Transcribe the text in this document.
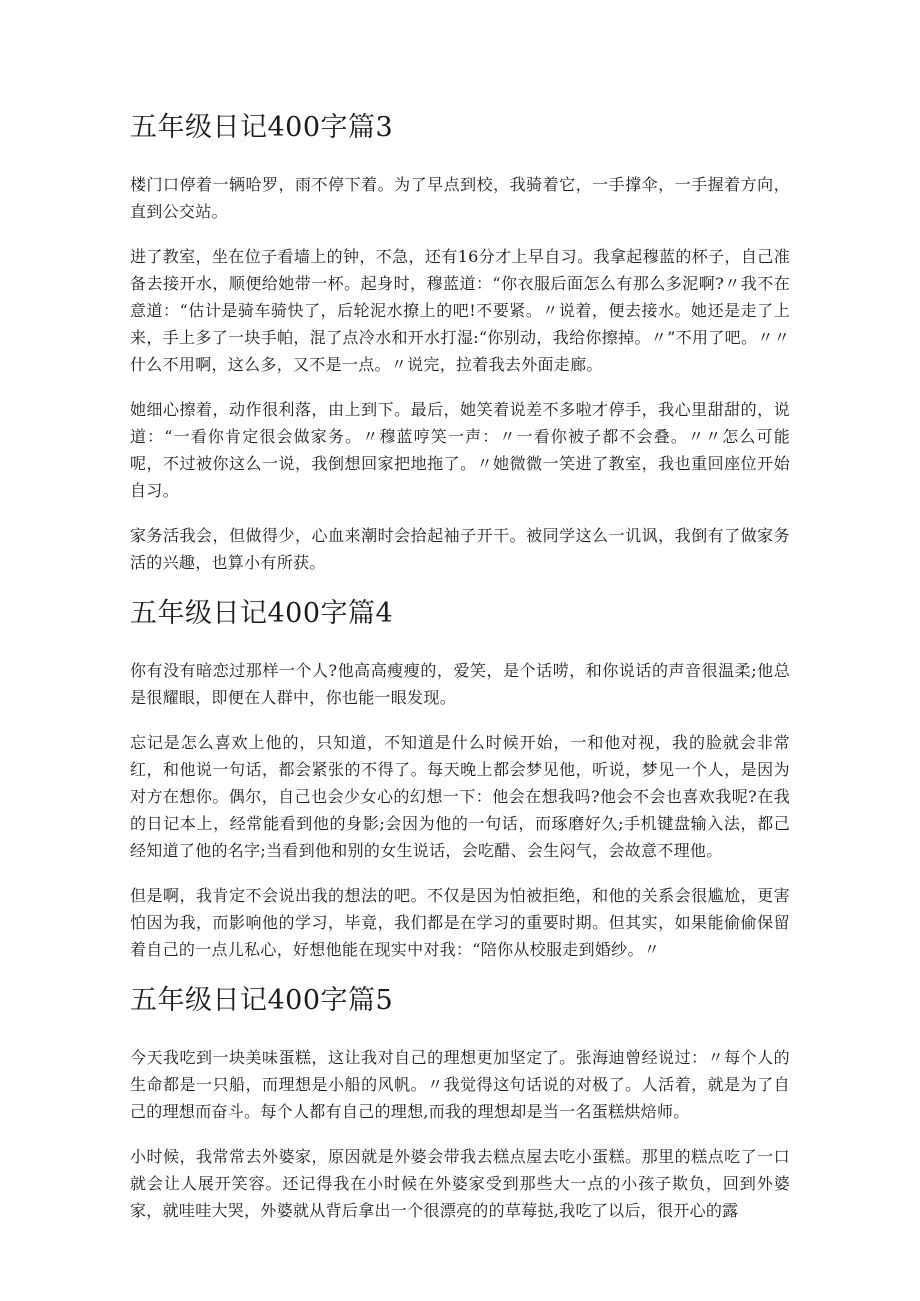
五年级日记400字篇3

楼门口停着一辆哈罗，雨不停下着。为了早点到校，我骑着它，一手撑伞，一手握着方向，直到公交站。

进了教室，坐在位子看墙上的钟，不急，还有16分才上早自习。我拿起穆蓝的杯子，自己准备去接开水，顺便给她带一杯。起身时，穆蓝道：“你衣服后面怎么有那么多泥啊?〃我不在意道：“估计是骑车骑快了，后轮泥水撩上的吧!不要紧。〃说着，便去接水。她还是走了上来，手上多了一块手帕，混了点冷水和开水打湿:“你别动，我给你擦掉。〃”不用了吧。〃〃什么不用啊，这么多，又不是一点。〃说完，拉着我去外面走廊。

她细心擦着，动作很利落，由上到下。最后，她笑着说差不多啦才停手，我心里甜甜的，说道：“一看你肯定很会做家务。〃穆蓝哼笑一声：〃一看你被子都不会叠。〃〃怎么可能呢，不过被你这么一说，我倒想回家把地拖了。〃她微微一笑进了教室，我也重回座位开始自习。

家务活我会，但做得少，心血来潮时会拾起袖子开干。被同学这么一讥讽，我倒有了做家务活的兴趣，也算小有所获。

五年级日记400字篇4

你有没有暗恋过那样一个人?他高高瘦瘦的，爱笑，是个话唠，和你说话的声音很温柔;他总是很耀眼，即便在人群中，你也能一眼发现。

忘记是怎么喜欢上他的，只知道，不知道是什么时候开始，一和他对视，我的脸就会非常红，和他说一句话，都会紧张的不得了。每天晚上都会梦见他，听说，梦见一个人，是因为对方在想你。偶尔，自己也会少女心的幻想一下：他会在想我吗?他会不会也喜欢我呢?在我的日记本上，经常能看到他的身影;会因为他的一句话，而琢磨好久;手机键盘输入法，都己经知道了他的名字;当看到他和别的女生说话，会吃醋、会生闷气，会故意不理他。

但是啊，我肯定不会说出我的想法的吧。不仅是因为怕被拒绝，和他的关系会很尴尬，更害怕因为我，而影响他的学习，毕竟，我们都是在学习的重要时期。但其实，如果能偷偷保留着自己的一点儿私心，好想他能在现实中对我：“陪你从校服走到婚纱。〃

五年级日记400字篇5

今天我吃到一块美味蛋糕，这让我对自己的理想更加坚定了。张海迪曾经说过：〃每个人的生命都是一只船，而理想是小船的风帆。〃我觉得这句话说的对极了。人活着，就是为了自己的理想而奋斗。每个人都有自己的理想,而我的理想却是当一名蛋糕烘焙师。

小时候，我常常去外婆家，原因就是外婆会带我去糕点屋去吃小蛋糕。那里的糕点吃了一口就会让人展开笑容。还记得我在小时候在外婆家受到那些大一点的小孩子欺负，回到外婆家，就哇哇大哭，外婆就从背后拿出一个很漂亮的的草莓挞,我吃了以后，很开心的露
